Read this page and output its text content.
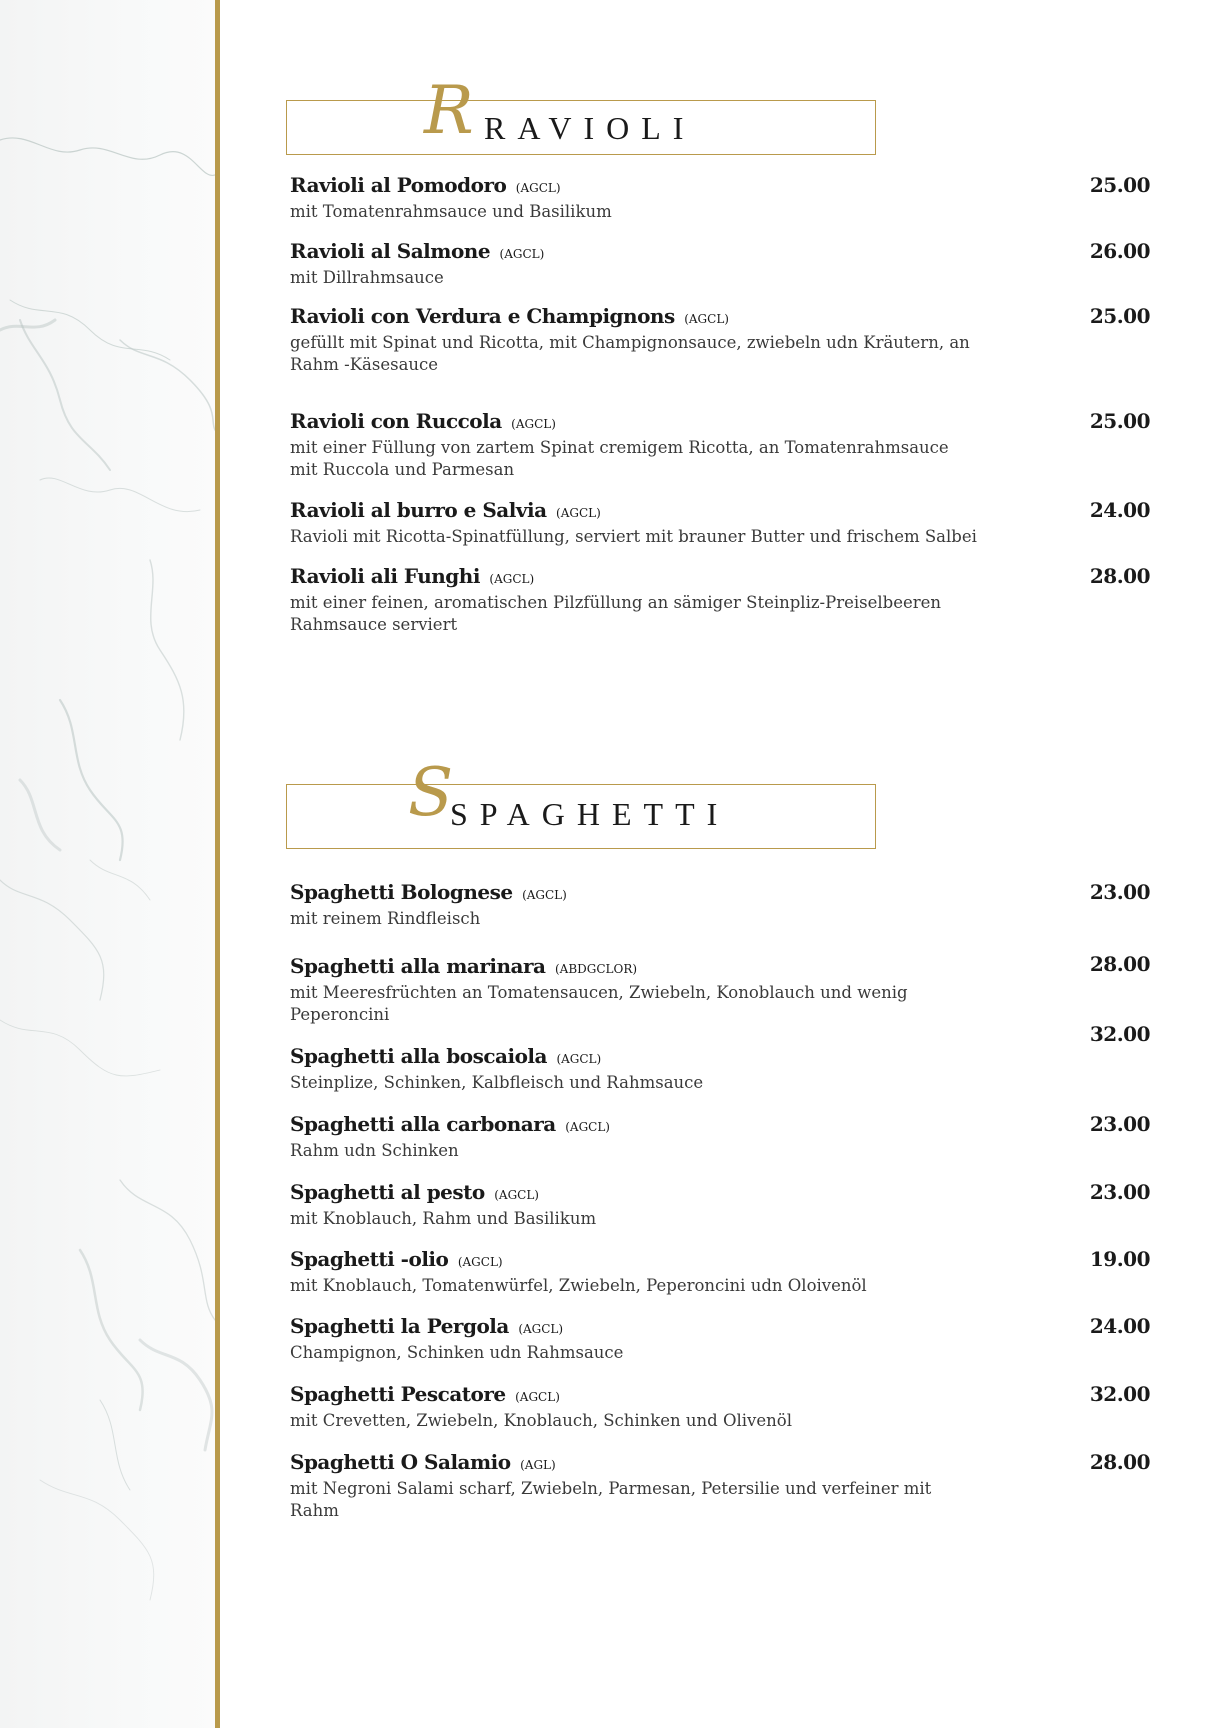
R RAVIOLI
Ravioli al Pomodoro (AGCL)
mit Tomatenrahmsauce und Basilikum
25.00
Ravioli al Salmone (AGCL)
mit Dillrahmsauce
26.00
Ravioli con Verdura e Champignons (AGCL)
gefüllt mit Spinat und Ricotta, mit Champignonsauce, zwiebeln udn Kräutern, an Rahm -Käsesauce
25.00
Ravioli con Ruccola (AGCL)
mit einer Füllung von zartem Spinat cremigem Ricotta, an Tomatenrahmsauce mit Ruccola und Parmesan
25.00
Ravioli al burro e Salvia (AGCL)
Ravioli mit Ricotta-Spinatfüllung, serviert mit brauner Butter und frischem Salbei
24.00
Ravioli ali Funghi (AGCL)
mit einer feinen, aromatischen Pilzfüllung an sämiger Steinpliz-Preiselbeeren Rahmsauce serviert
28.00
S
SPAGHETTI
Spaghetti Bolognese (AGCL)
mit reinem Rindfleisch
23.00
Spaghetti alla marinara (ABDGCLOR)
mit Meeresfrüchten an Tomatensaucen, Zwiebeln, Konoblauch und wenig Peperoncini
28.00
Spaghetti alla boscaiola (AGCL)
Steinplize, Schinken, Kalbfleisch und Rahmsauce
32.00
Spaghetti alla carbonara (AGCL)
Rahm udn Schinken
23.00
Spaghetti al pesto (AGCL)
mit Knoblauch, Rahm und Basilikum
23.00
Spaghetti -olio (AGCL)
mit Knoblauch, Tomatenwürfel, Zwiebeln, Peperoncini udn Oloivenöl
19.00
Spaghetti la Pergola (AGCL)
Champignon, Schinken udn Rahmsauce
24.00
Spaghetti Pescatore (AGCL)
mit Crevetten, Zwiebeln, Knoblauch, Schinken und Olivenöl
32.00
Spaghetti O Salamio (AGL)
mit Negroni Salami scharf, Zwiebeln, Parmesan, Petersilie und verfeiner mit Rahm
28.00
